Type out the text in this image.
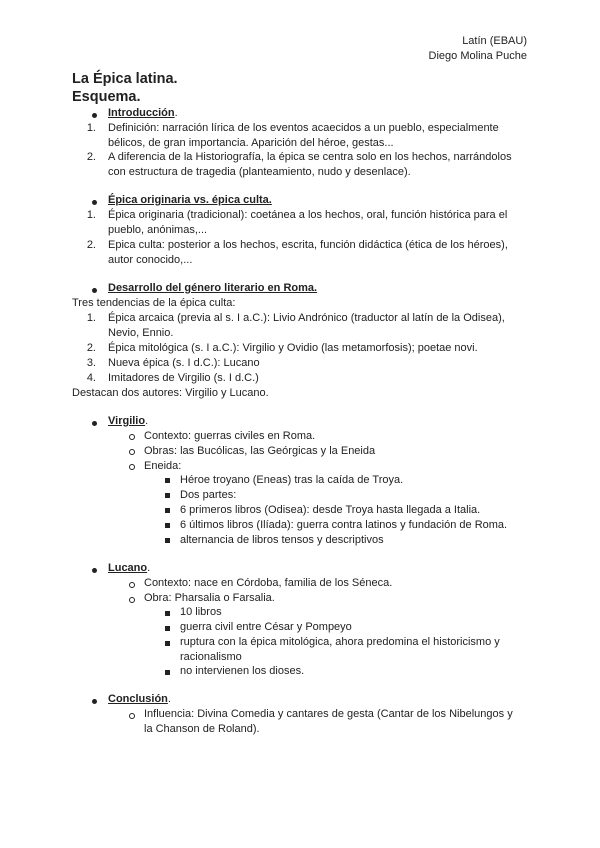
Latín (EBAU)
Diego Molina Puche
La Épica latina.
Esquema.
Introducción.
1. Definición: narración lírica de los eventos acaecidos a un pueblo, especialmente
bélicos, de gran importancia. Aparición del héroe, gestas...
2. A diferencia de la Historiografía, la épica se centra solo en los hechos, narrándolos
con estructura de tragedia (planteamiento, nudo y desenlace).
Épica originaria vs. épica culta.
1. Épica originaria (tradicional): coetánea a los hechos, oral, función histórica para el
pueblo, anónimas,...
2. Epica culta: posterior a los hechos, escrita, función didáctica (ética de los héroes),
autor conocido,...
Desarrollo del género literario en Roma.
Tres tendencias de la épica culta:
1. Épica arcaica (previa al s. I a.C.): Livio Andrónico (traductor al latín de la Odisea),
Nevio, Ennio.
2. Épica mitológica (s. I a.C.): Virgilio y Ovidio (las metamorfosis); poetae novi.
3. Nueva épica (s. I d.C.): Lucano
4. Imitadores de Virgilio (s. I d.C.)
Destacan dos autores: Virgilio y Lucano.
Virgilio.
Contexto: guerras civiles en Roma.
Obras: las Bucólicas, las Geórgicas y la Eneida
Eneida:
Héroe troyano (Eneas) tras la caída de Troya.
Dos partes:
6 primeros libros (Odisea): desde Troya hasta llegada a Italia.
6 últimos libros (Ilíada): guerra contra latinos y fundación de Roma.
alternancia de libros tensos y descriptivos
Lucano.
Contexto: nace en Córdoba, familia de los Séneca.
Obra: Pharsalia o Farsalia.
10 libros
guerra civil entre César y Pompeyo
ruptura con la épica mitológica, ahora predomina el historicismo y
racionalismo
no intervienen los dioses.
Conclusión.
Influencia: Divina Comedia y cantares de gesta (Cantar de los Nibelungos y
la Chanson de Roland).
